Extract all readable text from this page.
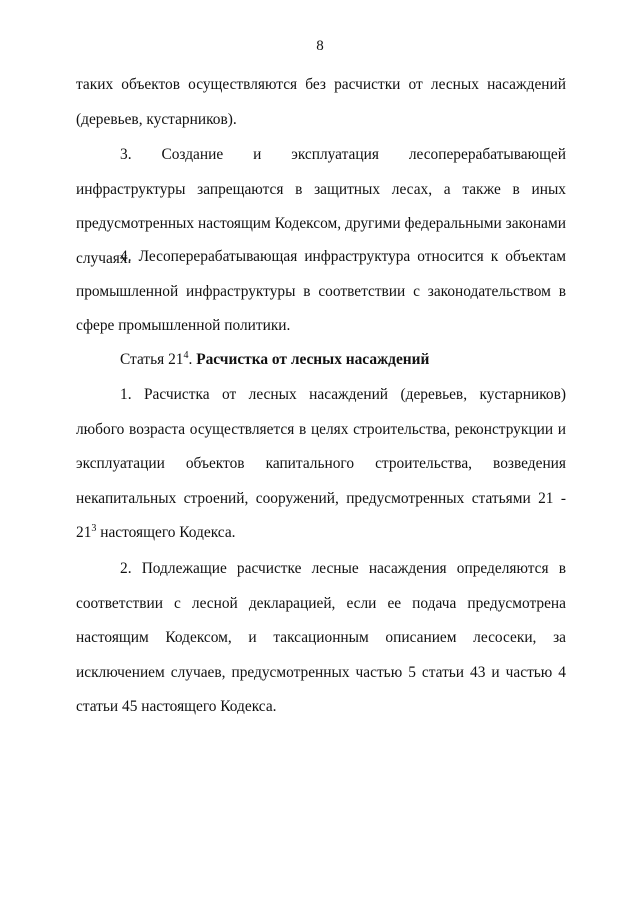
8

таких объектов осуществляются без расчистки от лесных насаждений (деревьев, кустарников).

3. Создание и эксплуатация лесоперерабатывающей инфраструктуры запрещаются в защитных лесах, а также в иных предусмотренных настоящим Кодексом, другими федеральными законами случаях.

4. Лесоперерабатывающая инфраструктура относится к объектам промышленной инфраструктуры в соответствии с законодательством в сфере промышленной политики.

Статья $21^4$. Расчистка от лесных насаждений

1. Расчистка от лесных насаждений (деревьев, кустарников) любого возраста осуществляется в целях строительства, реконструкции и эксплуатации объектов капитального строительства, возведения некапитальных строений, сооружений, предусмотренных статьями $21 - 21^3$ настоящего Кодекса.

2. Подлежащие расчистке лесные насаждения определяются в соответствии с лесной декларацией, если ее подача предусмотрена настоящим Кодексом, и таксационным описанием лесосеки, за исключением случаев, предусмотренных частью 5 статьи 43 и частью 4 статьи 45 настоящего Кодекса.
